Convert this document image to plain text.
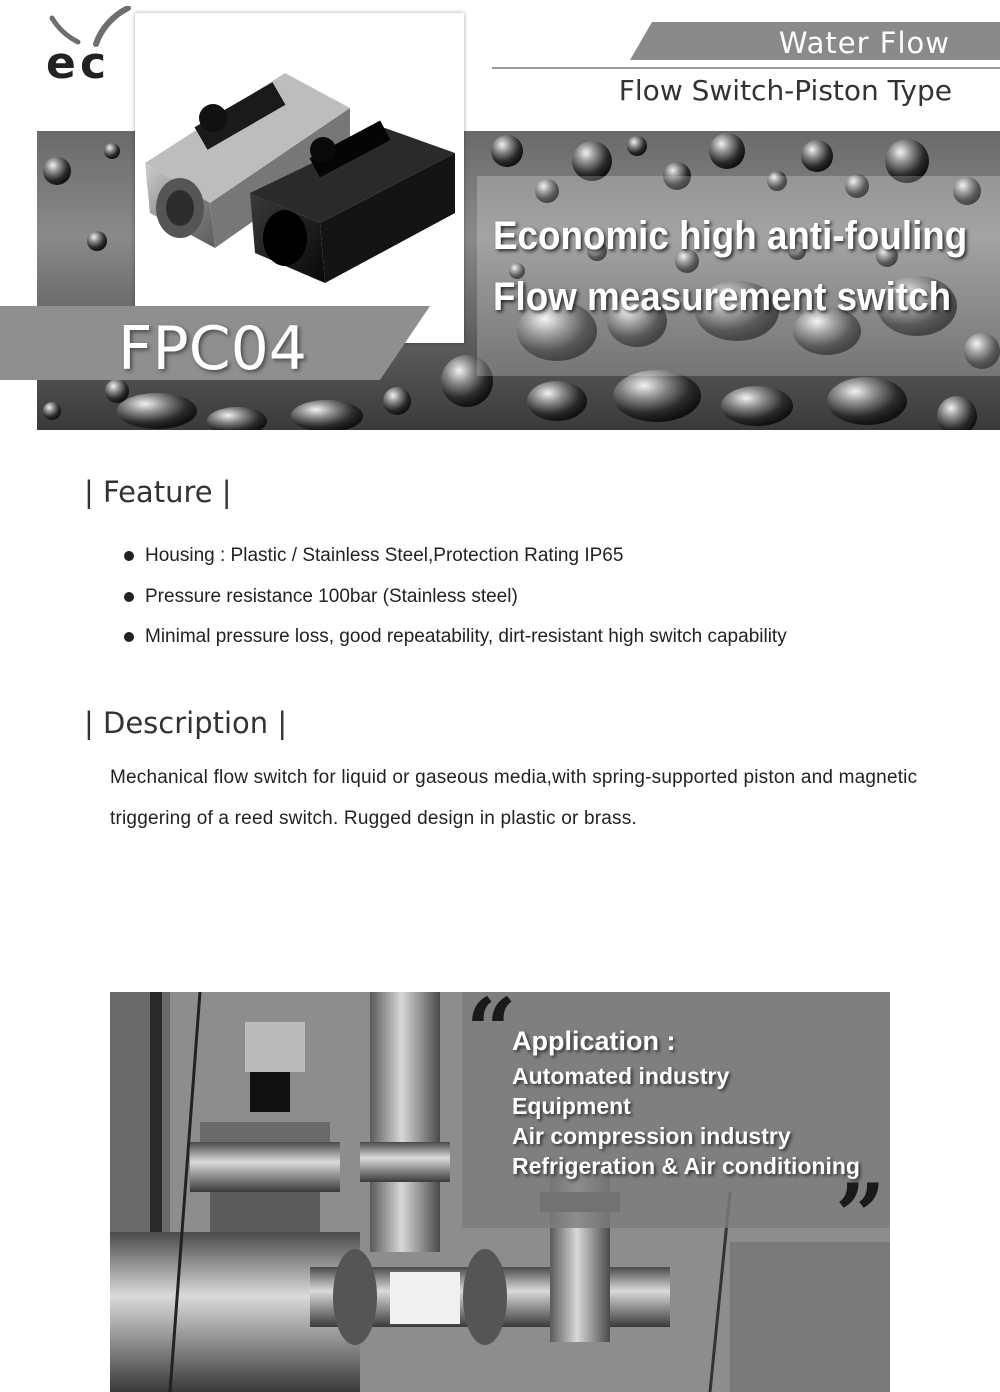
e c	Water Flow
Flow Switch-Piston Type
Economic high anti-fouling
Flow measurement switch
FPC04
| Feature |
Housing : Plastic / Stainless Steel,Protection Rating IP65
Pressure resistance 100bar (Stainless steel)
Minimal pressure loss, good repeatability, dirt-resistant high switch capability
| Description |
Mechanical flow switch for liquid or gaseous media,with spring-supported piston and magnetic triggering of a reed switch. Rugged design in plastic or brass.
“
Application :
Automated industry
Equipment
Air compression industry
Refrigeration & Air conditioning
”
